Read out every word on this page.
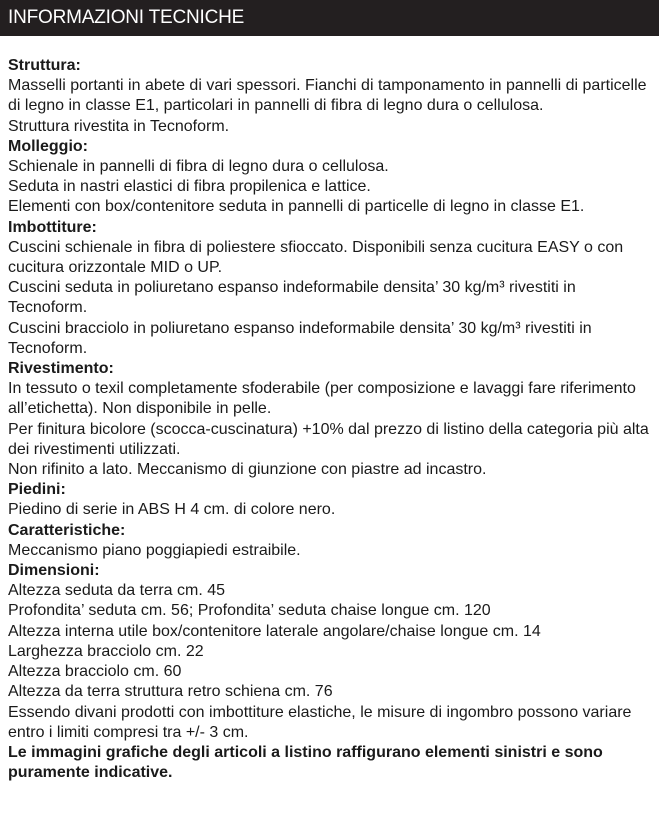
INFORMAZIONI TECNICHE
Struttura:
Masselli portanti in abete di vari spessori. Fianchi di tamponamento in pannelli di particelle di legno in classe E1, particolari in pannelli di fibra di legno dura o cellulosa.
Struttura rivestita in Tecnoform.
Molleggio:
Schienale in pannelli di fibra di legno dura o cellulosa.
Seduta in nastri elastici di fibra propilenica e lattice.
Elementi con box/contenitore seduta in pannelli di particelle di legno in classe E1.
Imbottiture:
Cuscini schienale in fibra di poliestere sfioccato. Disponibili senza cucitura EASY o con cucitura orizzontale MID o UP.
Cuscini seduta in poliuretano espanso indeformabile densita’ 30 kg/m³ rivestiti in Tecnoform.
Cuscini bracciolo in poliuretano espanso indeformabile densita’ 30 kg/m³ rivestiti in Tecnoform.
Rivestimento:
In tessuto o texil completamente sfoderabile (per composizione e lavaggi fare riferimento all’etichetta). Non disponibile in pelle.
Per finitura bicolore (scocca-cuscinatura) +10% dal prezzo di listino della categoria più alta dei rivestimenti utilizzati.
Non rifinito a lato. Meccanismo di giunzione con piastre ad incastro.
Piedini:
Piedino di serie in ABS H 4 cm. di colore nero.
Caratteristiche:
Meccanismo piano poggiapiedi estraibile.
Dimensioni:
Altezza seduta da terra cm. 45
Profondita’ seduta cm. 56; Profondita’ seduta chaise longue cm. 120
Altezza interna utile box/contenitore laterale angolare/chaise longue cm. 14
Larghezza bracciolo cm. 22
Altezza bracciolo cm. 60
Altezza da terra struttura retro schiena cm. 76
Essendo divani prodotti con imbottiture elastiche, le misure di ingombro possono variare entro i limiti compresi tra +/- 3 cm.
Le immagini grafiche degli articoli a listino raffigurano elementi sinistri e sono puramente indicative.
